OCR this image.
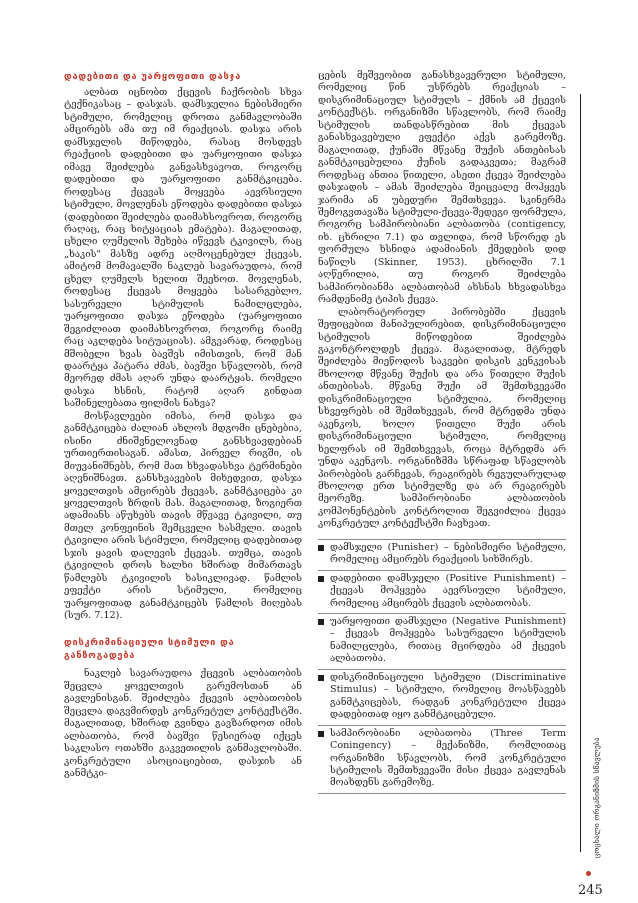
დადებითი და უარყოფითი დასჯა

ალბათ იცნობთ ქცევის ჩაქრობის სხვა ტექნიკასაც – დასჯას. დამსჯელია ნებისმიერი სტიმული, რომელიც დროთა განმავლობაში ამცირებს ამა თუ იმ რეაქციას. დასჯა არის დამსჯელის მიწოდება, რასაც მოსდევს რეაქციის დადებითი და უარყოფითი დასჯა იმავე შეიძლება განვასხვავოთ, როგორც დადებითი და უარყოფითი განმტკიცება. როდესაც ქცევას მოყვება აევრსიული სტიმული, მოვლენას ეწოდება დადებითი დასჯა (დადებითი შეიძლება დაიმახსოვროთ, როგორც რაღაც, რაც ხიტყაციას ემატება). მაგალითად, ცხელი ღუმელის შეხება იწვევს ტკივილს, რაც „ხაკის" მასზე ადრე აღმოცენებულ ქცევას, ამიტომ მომავალში ნაკლებ სავარაუდოა, რომ ცხელ ღუმელს ხელით შეეხოთ. მოვლენას, როდესაც ქცევას მოყვება სასარგებლო, სასურველი სტიმულის ნამილცლება, უარყოფითი დასჯა ეწოდება (უარყოფითი შეგიძლიათ დაიმახსოვროთ, როგორც რაიმე რაც აკლდება სიტუაციას). ამგვარად, როდესაც მშობელი ხვას ბავშვს იმისთვის, რომ მან დაარტყა პატარა ძმას, ბავშვი სწავლობს, რომ მეორედ ძმას აღარ უნდა დაარტყას. რომელი დასჯა ხსნის, რატომ აღარ გინდათ საშინელებათა ფილმის ნახვა?

მოსწავლეები იმისა, რომ დასჯა და განმტკიცება ძალიან ახლოს მდგომი ცნებებია, ისინი ძნიშვნელოვნად განსხვავდებიან ურთიერთისაგან. ამასთ, პირველ რიგში, ის მიუვანიშნებს, რომ მათ ხხვადასხვა ტერმინები აღვნიშნავთ. განსხვავების მიხედვით, დასჯა ყოველთვის ამცირებს ქცევას, განმტკიცება კი ყოველთვის ზრდის მას. მაგალითად, ზოგიერთ ადამიანს აწუხებს თავის მწვავე ტკივილი, თუ მთელ კონფეინის შემცველი ხასმელი. თავის ტკივილი არის სტიმული, რომელიც დადებითად სჯის ყავის დალევის ქცევას. თუმცა, თავის ტკივილის დროს ხალხი ხშირად მიმართავს წამლებს ტკივილის ხასიკლივად. წამლის ეფექტი არის სტიმული, რომელიც უარყოფითად განამტკიცებს წამლის მიღებას (სურ. 7.12).

დისკრიმინაციული სტიმული და განზოგადება

ნაკლებ სავარაუდოა ქცევის ალბათობის შეცვლა ყოველთვის გარემოსთან ან გავლენისგან. შეიძლება ქცევის ალბათობის შეცვლა დაგვმირდეს კონკრეტულ კონტექსტში. მაგალითად, ხშირად გვინდა გავზარდოთ იმის ალბათობა, რომ ბავშვი წესიერად იქცეს საკლასო ოთახში გაკვეთილის განმავლობაში. კონკრეტული ასოციაციებით, დასჯის ან განმტკი-

ცების მეშვეობით განასხვავერული სტიმული, რომელიც წინ უსწრებს რეაქციას – დისკრიმინაციულ სტიმულს – ქმნის ამ ქცევის კონტექსტს. ორგანიზმი სწავლობს, რომ რაიმე სტიმულის თანდასწრებით მის ქცევას განასხვავებული ეფექტი აქვს გარემოზე. მაგალითად, ქუჩაში მწვანე შუქის ანთებისას განმტკიცებულია ქუჩის გადაკვეთა; მაგრამ როდესაც ანთია წითელი, ასეთი ქცევა შეიძლება დასჯადის – ამას შეიძლება შეიცვალე მოჰყვეს ჯარიმა ან უბედური შემთხვევა. სკინერმა შემოგვთავაზა სტიმული-ქცევა-შედეგი ფორმულა, როგორც სამპირობიანი ალბათობა (contigency, იხ. ცხრილი 7.1) და თვლიდა, რომ სწორედ ეს ფორმულა ხსნიდა ადამიანის ქმედების დიდ ნაწილს (Skinner, 1953). ცხრილში 7.1 აღწერილია, თუ როგორ შეიძლება სამპირობიანმა ალბათობამ ახსნას ხხვადასხვა რამდენიმე ტიპის ქცევა.

ლაბორატორიულ პირობებში ქცევის შეფიცებით მანიპულირებით, დისკრიმინაციული სტიმულის მიწოდებით შეიძლება გაკონტროლდეს ქცევა. მაგალითად, მტრედს შეიძლება მიეწოდოს საკვები დისკის კენკვისას მხოლოდ მწვანე შუქის და არა წითელი შუქის ანთებისას. მწვანე შუქი ამ შემთხვევაში დისკრიმინაციული სტიმულია, რომელიც სხვეფრებს იმ შემთხვევას, რომ მტრედმა უნდა აკენკოს, ხოლო წითელი შუქი არის დისკრიმინაციული სტიმული, რომელიც ხელფრას იმ შემთხვევას, როცა მტრედმა არ უნდა აკენკოს. ორგანიზმმა სწრაფად სწავლობს პირობების გარჩევას, რეაგირებს რეგულარულად მხოლოდ ერთ სტიმულზე და არ რეაგირებს მეორეზე. სამპირობიანი ალბათობის კომპონენტების კონტროლით შეგვიძლია ქცევა კონკრეტულ კონტექსტში ჩავხვათ.

დამსჯელი (Punisher) – ნებისმიერი სტიმული, რომელიც ამცირებს რეაქციის სიხშირეს.
დადებითი დამსჯელი (Positive Punishment) – ქცევას მოჰყვება აევრსიული სტიმული, რომელიც ამცირებს ქცევის ალბათობას.
უარყოფითი დამსჯელი (Negative Punishment) – ქცევას მოჰყვება სასურველი სტიმულის ნამილცლება, რითაც მცირდება ამ ქცევის ალბათობა.
დისკრიმინაციული სტიმული (Discriminative Stimulus) – სტიმული, რომელიც მოასწავებს განმტკიცებას, რადგან კონკრეტული ქცევა დადებითად იყო განმტკიცებული.
სამპირობიანი ალბათობა (Three Term Coningency) – მექანიზმი, რომლითაც ორგანიზმი სწავლობს, რომ კონკრეტული სტიმულის შემთხვევაში მისი ქცევა გავლენას მოახდენს გარემოზე.	ცოცხალი ორგანიზმის სწავლება
245
